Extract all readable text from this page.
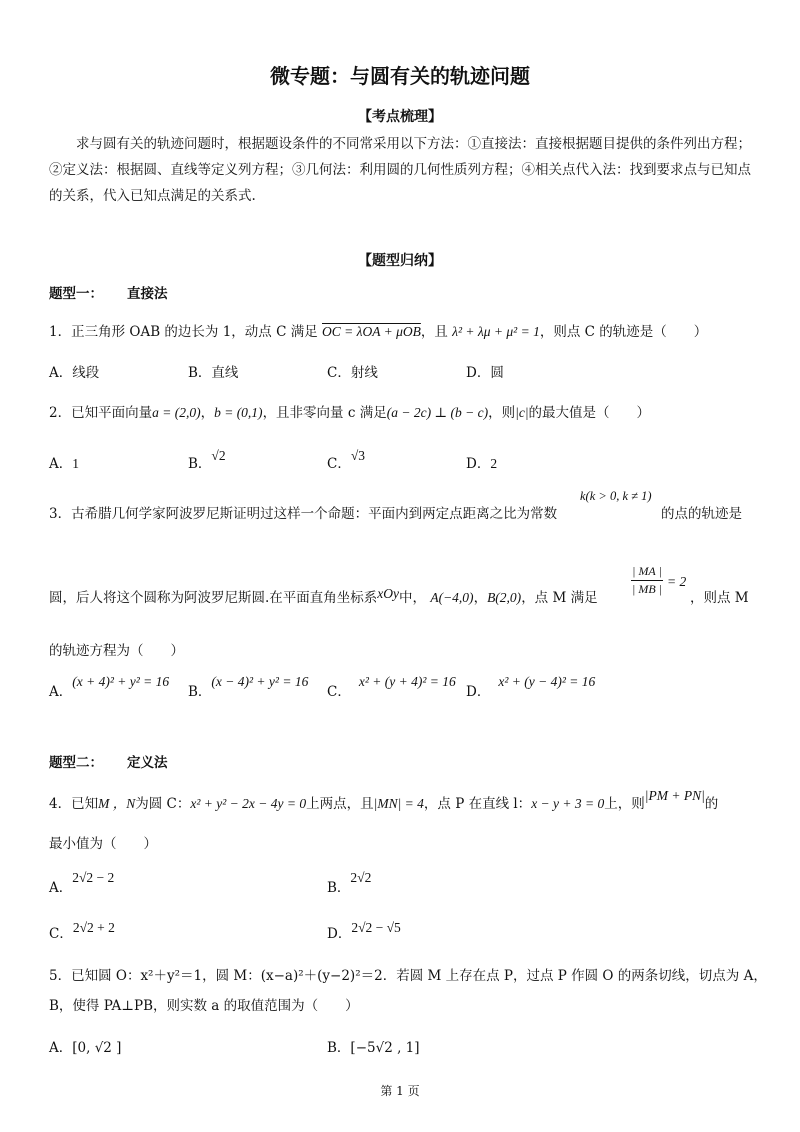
微专题：与圆有关的轨迹问题
【考点梳理】
求与圆有关的轨迹问题时，根据题设条件的不同常采用以下方法：①直接法：直接根据题目提供的条件列出方程；②定义法：根据圆、直线等定义列方程；③几何法：利用圆的几何性质列方程；④相关点代入法：找到要求点与已知点的关系，代入已知点满足的关系式.
【题型归纳】
题型一： 直接法
1．正三角形 OAB 的边长为 1，动点 C 满足 OC = λOA + μOB，且 λ² + λμ + μ² = 1，则点 C 的轨迹是（　　）
A．线段	B．直线	C．射线	D．圆
2．已知平面向量a = (2,0)，b = (0,1)，且非零向量 c 满足(a − 2c) ⊥ (b − c)，则|c|的最大值是（　　）
A．1	B．√2
C．√3
D．2
3．古希腊几何学家阿波罗尼斯证明过这样一个命题：平面内到两定点距离之比为常数
k(k > 0, k ≠ 1)
的点的轨迹是
圆，后人将这个圆称为阿波罗尼斯圆.在平面直角坐标系xOy中， A(−4,0)，B(2,0)，点 M 满足
| MA |
| MB | = 2
，则点 M
的轨迹方程为（　　）
A．(x + 4)² + y² = 16
B．(x − 4)² + y² = 16
C．x² + (y + 4)² = 16
D．x² + (y − 4)² = 16
题型二： 定义法
4．已知M ，N为圆 C：x² + y² − 2x − 4y = 0上两点，且|MN| = 4，点 P 在直线 l：x − y + 3 = 0上，则|PM + PN|的
最小值为（　　）
A．2√2 − 2
B．2√2
C．2√2 + 2	D．2√2 − √5
5．已知圆 O：x²＋y²＝1，圆 M：(x−a)²＋(y−2)²＝2．若圆 M 上存在点 P，过点 P 作圆 O 的两条切线，切点为 A，
B，使得 PA⊥PB，则实数 a 的取值范围为（　　）
A．[0, √2 ]	B．[−5√2 , 1]
第 1 页
